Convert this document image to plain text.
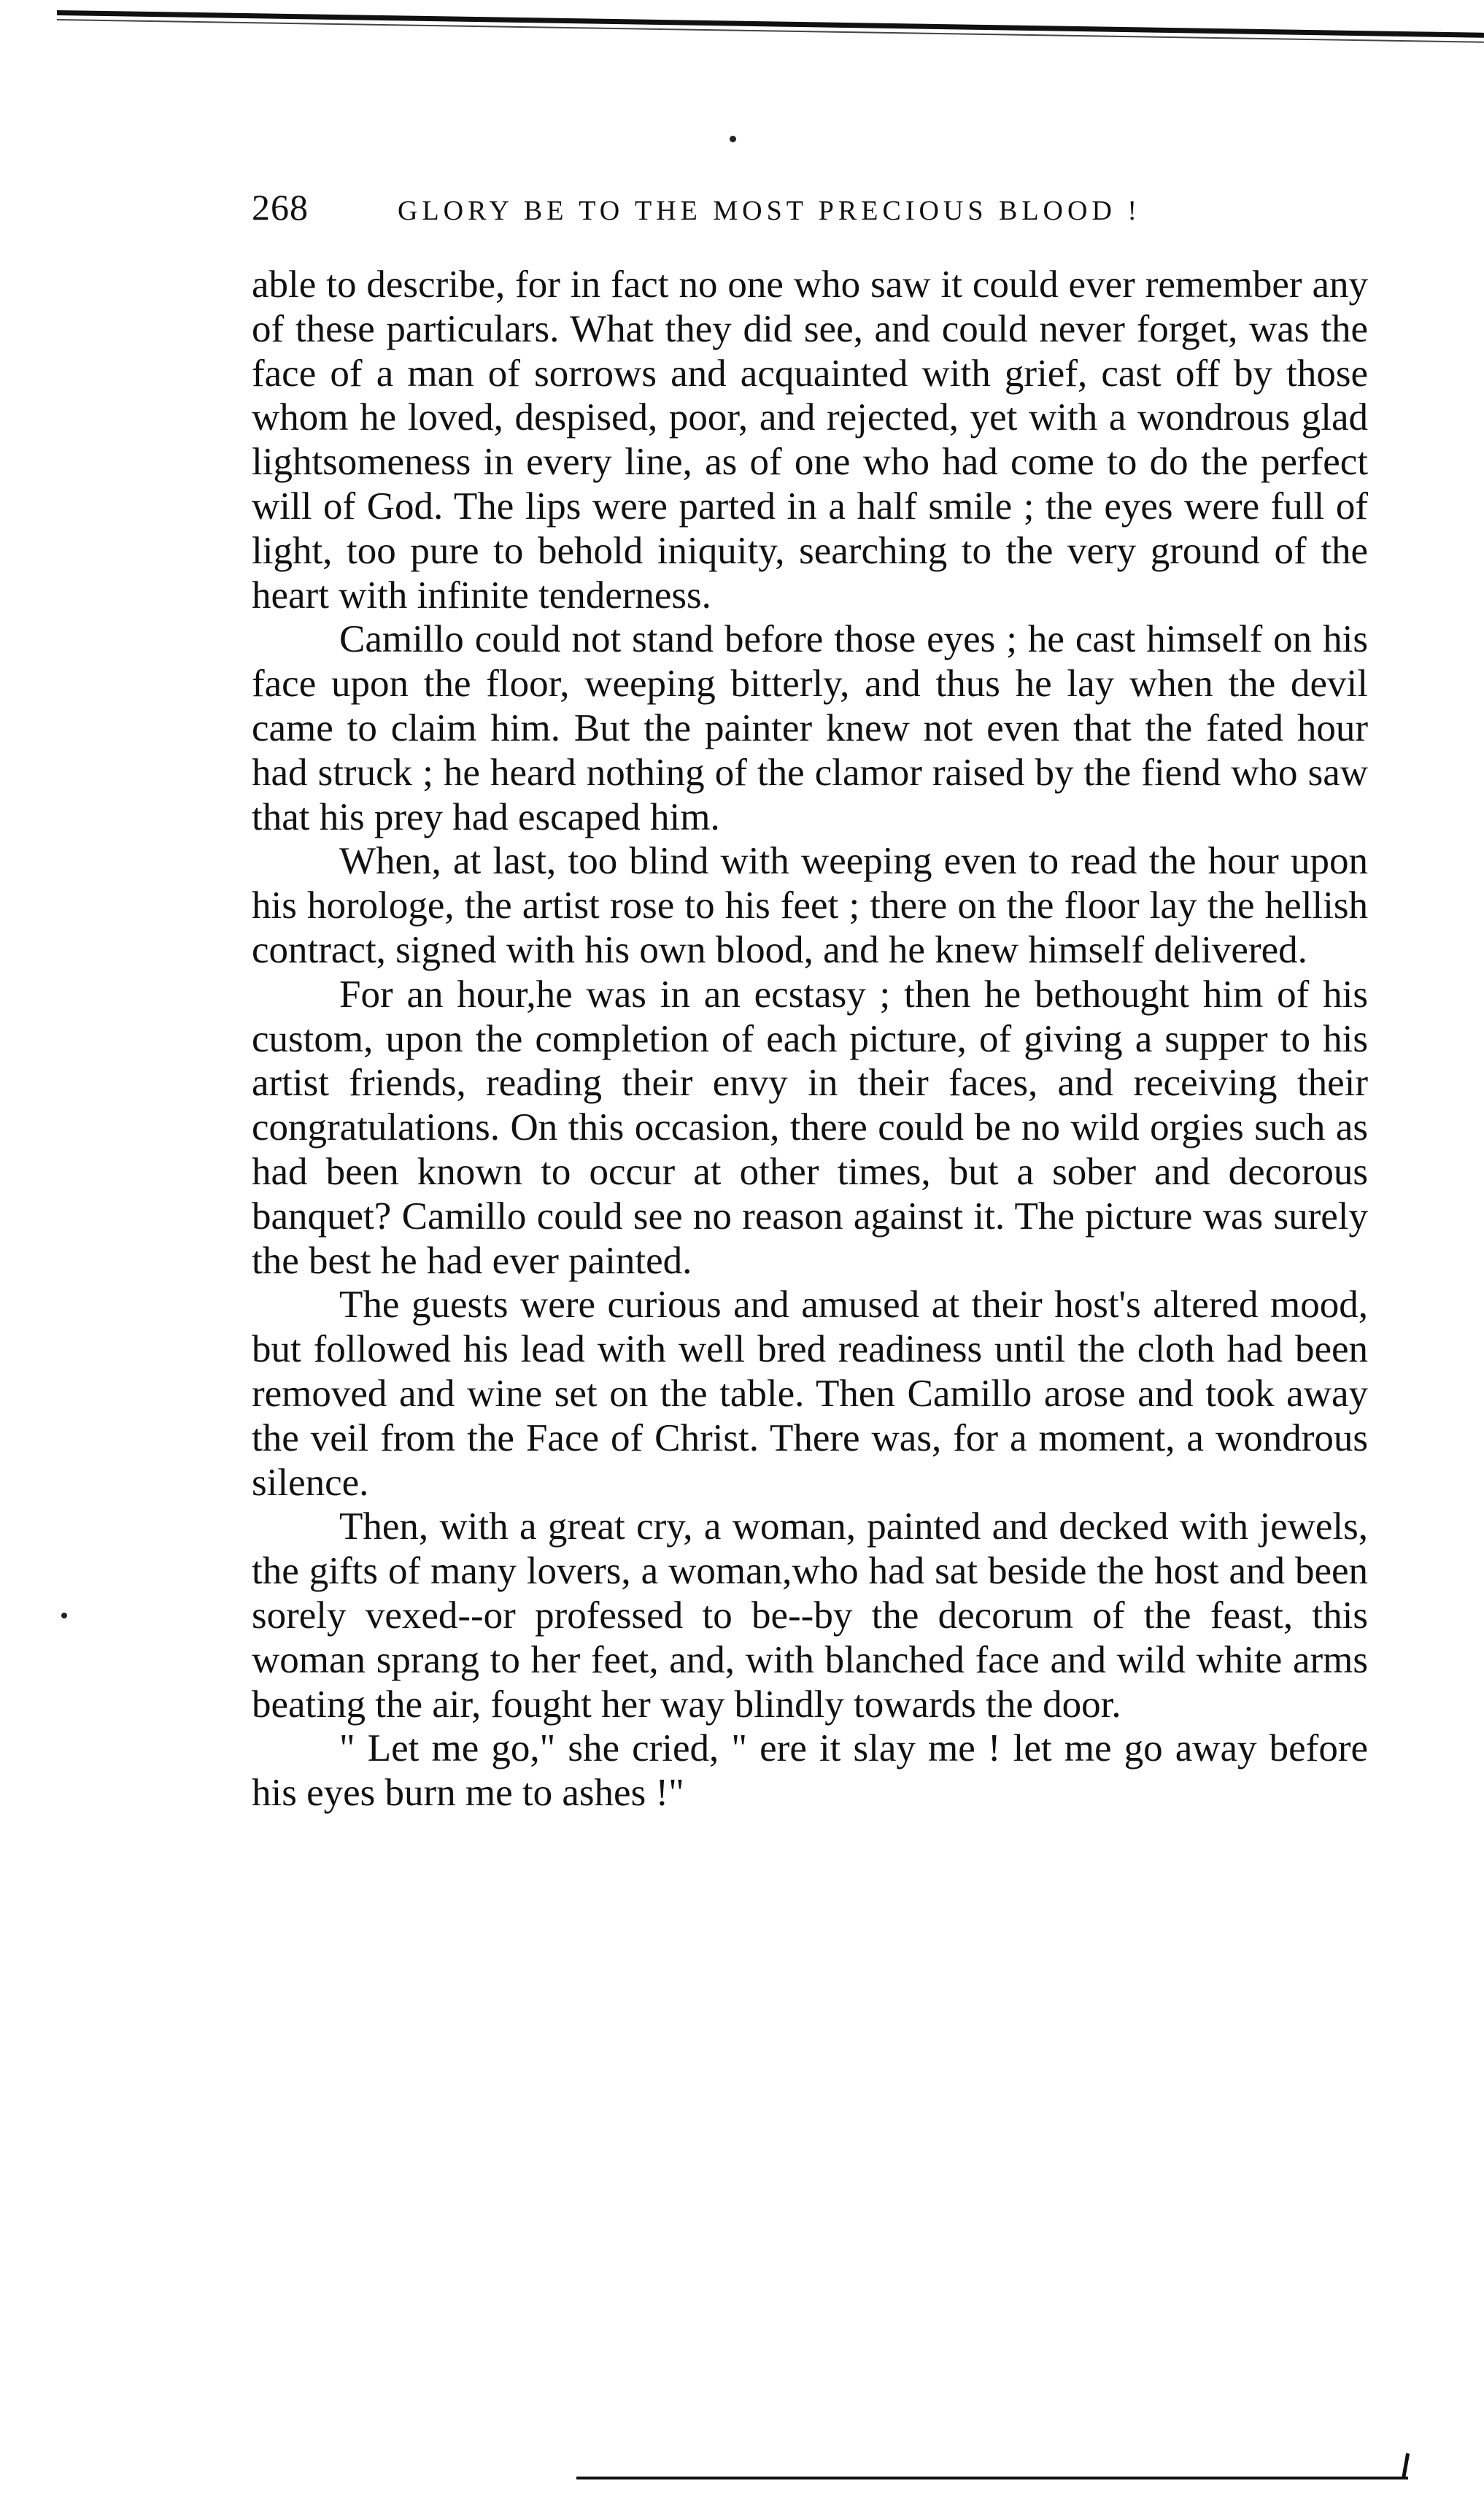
268	GLORY BE TO THE MOST PRECIOUS BLOOD !

able to describe, for in fact no one who saw it could ever remember any of these particulars. What they did see, and could never forget, was the face of a man of sorrows and acquainted with grief, cast off by those whom he loved, despised, poor, and rejected, yet with a wondrous glad lightsomeness in every line, as of one who had come to do the perfect will of God. The lips were parted in a half smile ; the eyes were full of light, too pure to behold iniquity, searching to the very ground of the heart with infinite tenderness.

Camillo could not stand before those eyes ; he cast himself on his face upon the floor, weeping bitterly, and thus he lay when the devil came to claim him. But the painter knew not even that the fated hour had struck ; he heard nothing of the clamor raised by the fiend who saw that his prey had escaped him.

When, at last, too blind with weeping even to read the hour upon his horologe, the artist rose to his feet ; there on the floor lay the hellish contract, signed with his own blood, and he knew himself delivered.

For an hour,he was in an ecstasy ; then he bethought him of his custom, upon the completion of each picture, of giving a supper to his artist friends, reading their envy in their faces, and receiving their congratulations. On this occasion, there could be no wild orgies such as had been known to occur at other times, but a sober and decorous banquet? Camillo could see no reason against it. The picture was surely the best he had ever painted.

The guests were curious and amused at their host's altered mood, but followed his lead with well bred readiness until the cloth had been removed and wine set on the table. Then Camillo arose and took away the veil from the Face of Christ. There was, for a moment, a wondrous silence.

Then, with a great cry, a woman, painted and decked with jewels, the gifts of many lovers, a woman,who had sat beside the host and been sorely vexed--or professed to be--by the decorum of the feast, this woman sprang to her feet, and, with blanched face and wild white arms beating the air, fought her way blindly towards the door.

" Let me go," she cried, " ere it slay me ! let me go away before his eyes burn me to ashes !"
